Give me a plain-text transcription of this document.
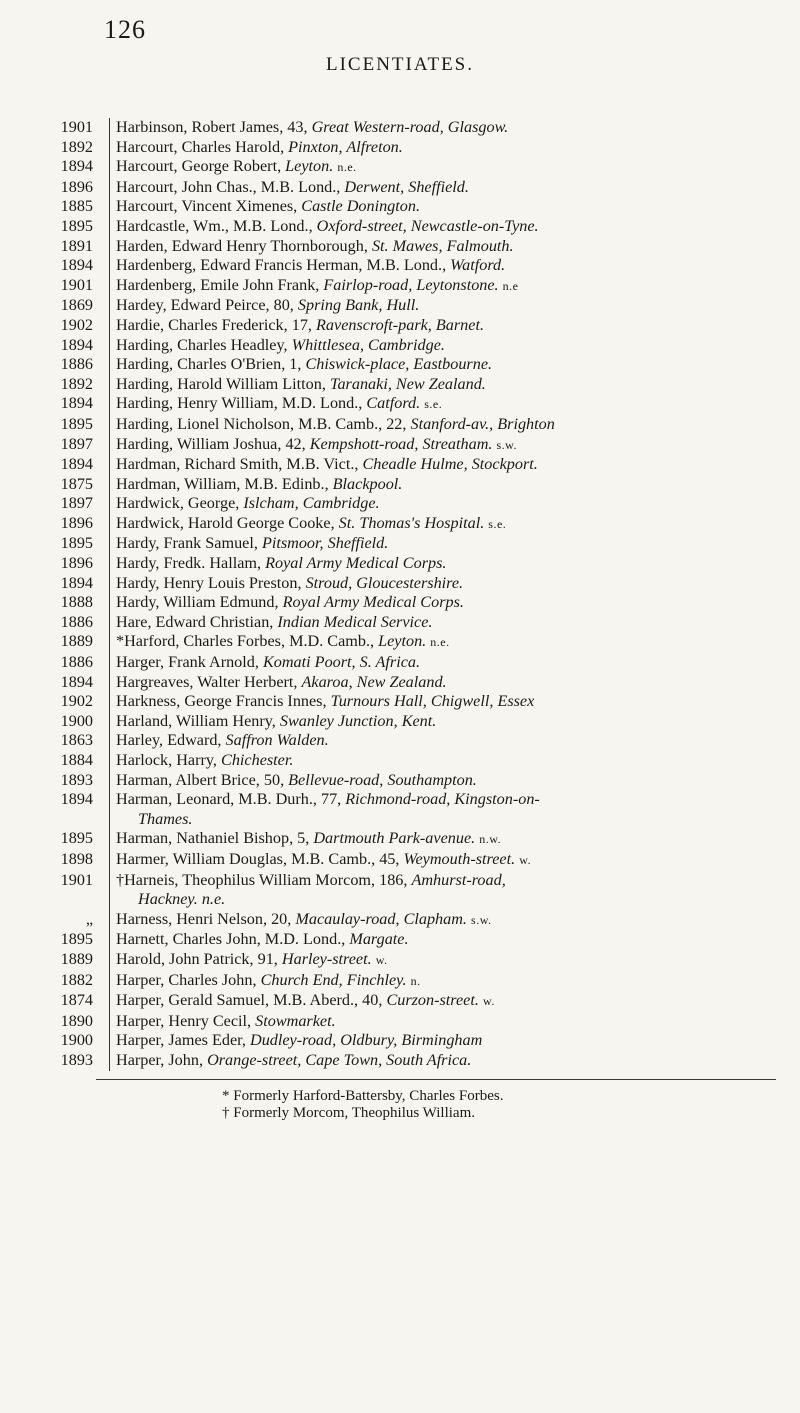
126
LICENTIATES.
1901 Harbinson, Robert James, 43, Great Western-road, Glasgow.
1892 Harcourt, Charles Harold, Pinxton, Alfreton.
1894 Harcourt, George Robert, Leyton. n.e.
1896 Harcourt, John Chas., M.B. Lond., Derwent, Sheffield.
1885 Harcourt, Vincent Ximenes, Castle Donington.
1895 Hardcastle, Wm., M.B. Lond., Oxford-street, Newcastle-on-Tyne.
1891 Harden, Edward Henry Thornborough, St. Mawes, Falmouth.
1894 Hardenberg, Edward Francis Herman, M.B. Lond., Watford.
1901 Hardenberg, Emile John Frank, Fairlop-road, Leytonstone. n.e
1869 Hardey, Edward Peirce, 80, Spring Bank, Hull.
1902 Hardie, Charles Frederick, 17, Ravenscroft-park, Barnet.
1894 Harding, Charles Headley, Whittlesea, Cambridge.
1886 Harding, Charles O'Brien, 1, Chiswick-place, Eastbourne.
1892 Harding, Harold William Litton, Taranaki, New Zealand.
1894 Harding, Henry William, M.D. Lond., Catford. s.e.
1895 Harding, Lionel Nicholson, M.B. Camb., 22, Stanford-av., Brighton
1897 Harding, William Joshua, 42, Kempshott-road, Streatham. s.w.
1894 Hardman, Richard Smith, M.B. Vict., Cheadle Hulme, Stockport.
1875 Hardman, William, M.B. Edinb., Blackpool.
1897 Hardwick, George, Islcham, Cambridge.
1896 Hardwick, Harold George Cooke, St. Thomas's Hospital. s.e.
1895 Hardy, Frank Samuel, Pitsmoor, Sheffield.
1896 Hardy, Fredk. Hallam, Royal Army Medical Corps.
1894 Hardy, Henry Louis Preston, Stroud, Gloucestershire.
1888 Hardy, William Edmund, Royal Army Medical Corps.
1886 Hare, Edward Christian, Indian Medical Service.
1889 *Harford, Charles Forbes, M.D. Camb., Leyton. n.e.
1886 Harger, Frank Arnold, Komati Poort, S. Africa.
1894 Hargreaves, Walter Herbert, Akaroa, New Zealand.
1902 Harkness, George Francis Innes, Turnours Hall, Chigwell, Essex
1900 Harland, William Henry, Swanley Junction, Kent.
1863 Harley, Edward, Saffron Walden.
1884 Harlock, Harry, Chichester.
1893 Harman, Albert Brice, 50, Bellevue-road, Southampton.
1894 Harman, Leonard, M.B. Durh., 77, Richmond-road, Kingston-on-
Thames.
1895 Harman, Nathaniel Bishop, 5, Dartmouth Park-avenue. n.w.
1898 Harmer, William Douglas, M.B. Camb., 45, Weymouth-street. w.
1901 †Harneis, Theophilus William Morcom, 186, Amhurst-road,
Hackney. n.e.
„ Harness, Henri Nelson, 20, Macaulay-road, Clapham. s.w.
1895 Harnett, Charles John, M.D. Lond., Margate.
1889 Harold, John Patrick, 91, Harley-street. w.
1882 Harper, Charles John, Church End, Finchley. n.
1874 Harper, Gerald Samuel, M.B. Aberd., 40, Curzon-street. w.
1890 Harper, Henry Cecil, Stowmarket.
1900 Harper, James Eder, Dudley-road, Oldbury, Birmingham
1893 Harper, John, Orange-street, Cape Town, South Africa.
* Formerly Harford-Battersby, Charles Forbes.
† Formerly Morcom, Theophilus William.
